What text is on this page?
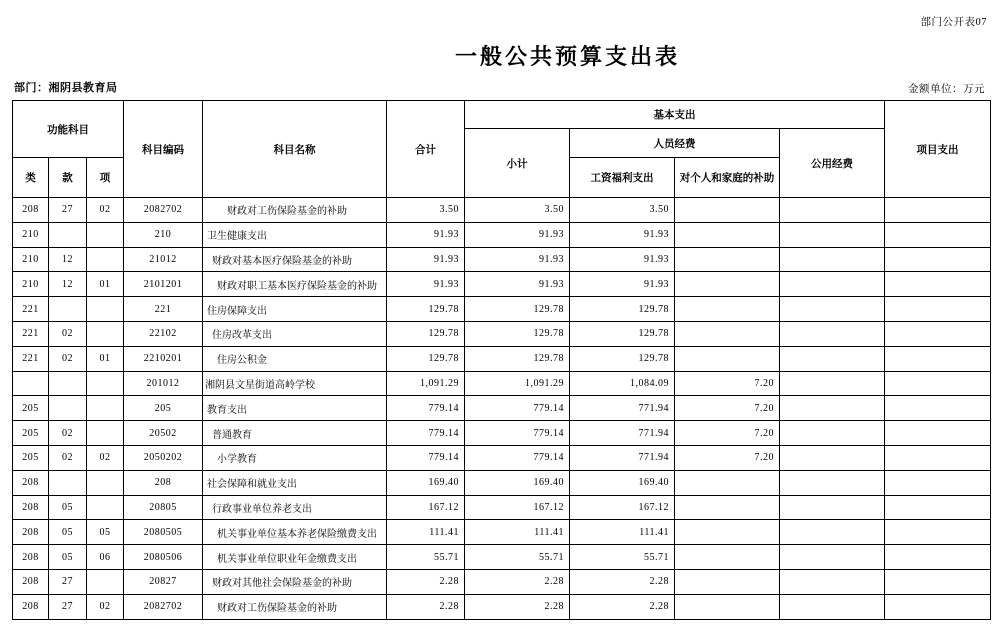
部门公开表07
一般公共预算支出表
部门：湘阴县教育局	金额单位：万元
功能科目			科目编码	科目名称	合计	基本支出				项目支出
						小计	人员经费		公用经费	
类	款	项					工资福利支出	对个人和家庭的补助		
208	27	02	2082702	财政对工伤保险基金的补助	3.50	3.50	3.50			
210			210	卫生健康支出	91.93	91.93	91.93			
210	12		21012	财政对基本医疗保险基金的补助	91.93	91.93	91.93			
210	12	01	2101201	财政对职工基本医疗保险基金的补助	91.93	91.93	91.93			
221			221	住房保障支出	129.78	129.78	129.78			
221	02		22102	住房改革支出	129.78	129.78	129.78			
221	02	01	2210201	住房公积金	129.78	129.78	129.78			
			201012	湘阴县文星街道高岭学校	1,091.29	1,091.29	1,084.09	7.20		
205			205	教育支出	779.14	779.14	771.94	7.20		
205	02		20502	普通教育	779.14	779.14	771.94	7.20		
205	02	02	2050202	小学教育	779.14	779.14	771.94	7.20		
208			208	社会保障和就业支出	169.40	169.40	169.40			
208	05		20805	行政事业单位养老支出	167.12	167.12	167.12			
208	05	05	2080505	机关事业单位基本养老保险缴费支出	111.41	111.41	111.41			
208	05	06	2080506	机关事业单位职业年金缴费支出	55.71	55.71	55.71			
208	27		20827	财政对其他社会保险基金的补助	2.28	2.28	2.28			
208	27	02	2082702	财政对工伤保险基金的补助	2.28	2.28	2.28			
